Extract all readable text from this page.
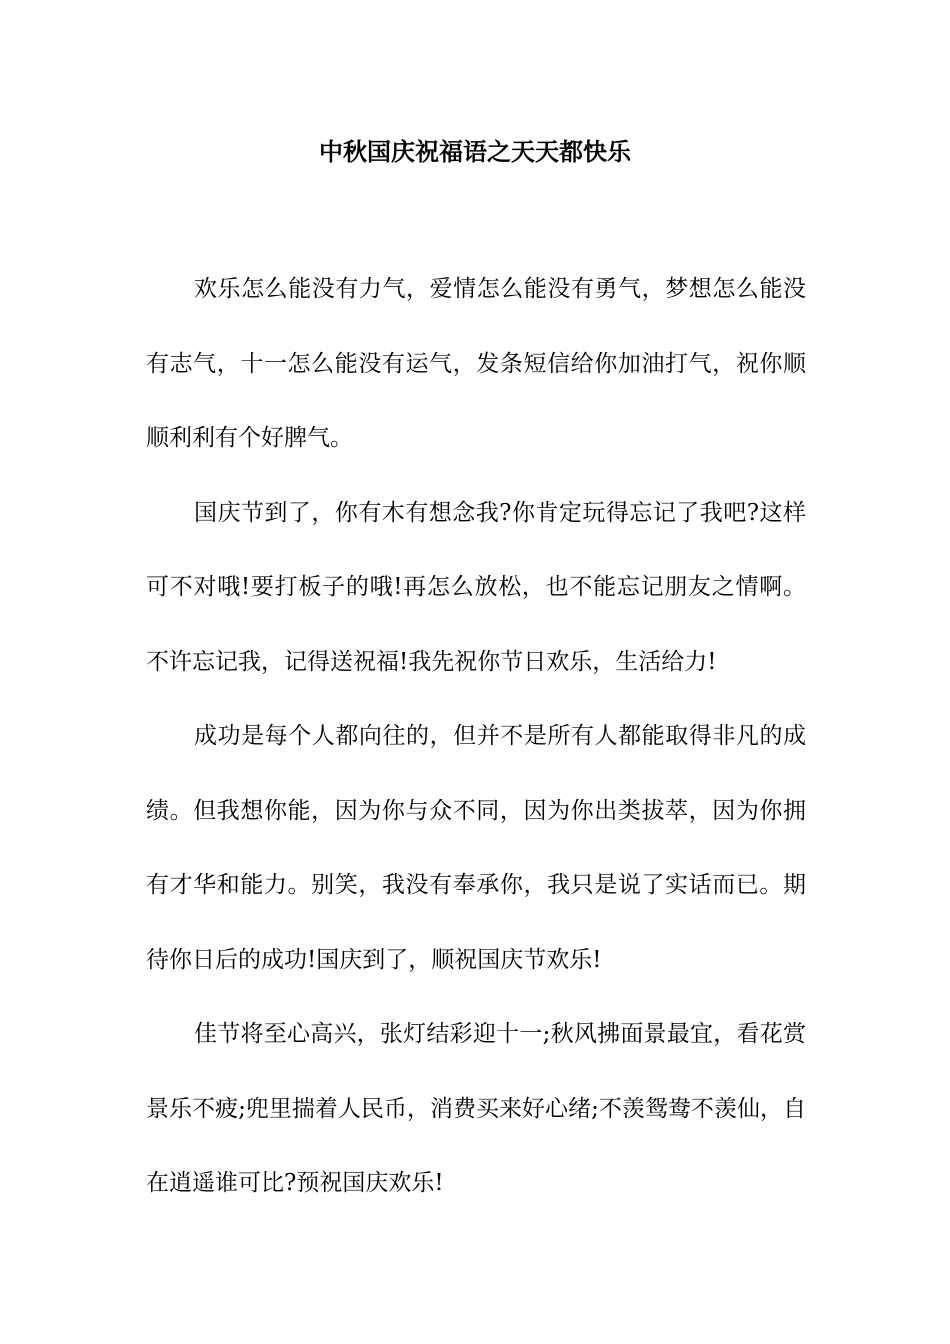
中秋国庆祝福语之天天都快乐

欢乐怎么能没有力气，爱情怎么能没有勇气，梦想怎么能没有志气，十一怎么能没有运气，发条短信给你加油打气，祝你顺顺利利有个好脾气。

国庆节到了，你有木有想念我?你肯定玩得忘记了我吧?这样可不对哦!要打板子的哦!再怎么放松，也不能忘记朋友之情啊。不许忘记我，记得送祝福!我先祝你节日欢乐，生活给力!

成功是每个人都向往的，但并不是所有人都能取得非凡的成绩。但我想你能，因为你与众不同，因为你出类拔萃，因为你拥有才华和能力。别笑，我没有奉承你，我只是说了实话而已。期待你日后的成功!国庆到了，顺祝国庆节欢乐!

佳节将至心高兴，张灯结彩迎十一;秋风拂面景最宜，看花赏景乐不疲;兜里揣着人民币，消费买来好心绪;不羡鸳鸯不羡仙，自在逍遥谁可比?预祝国庆欢乐!
